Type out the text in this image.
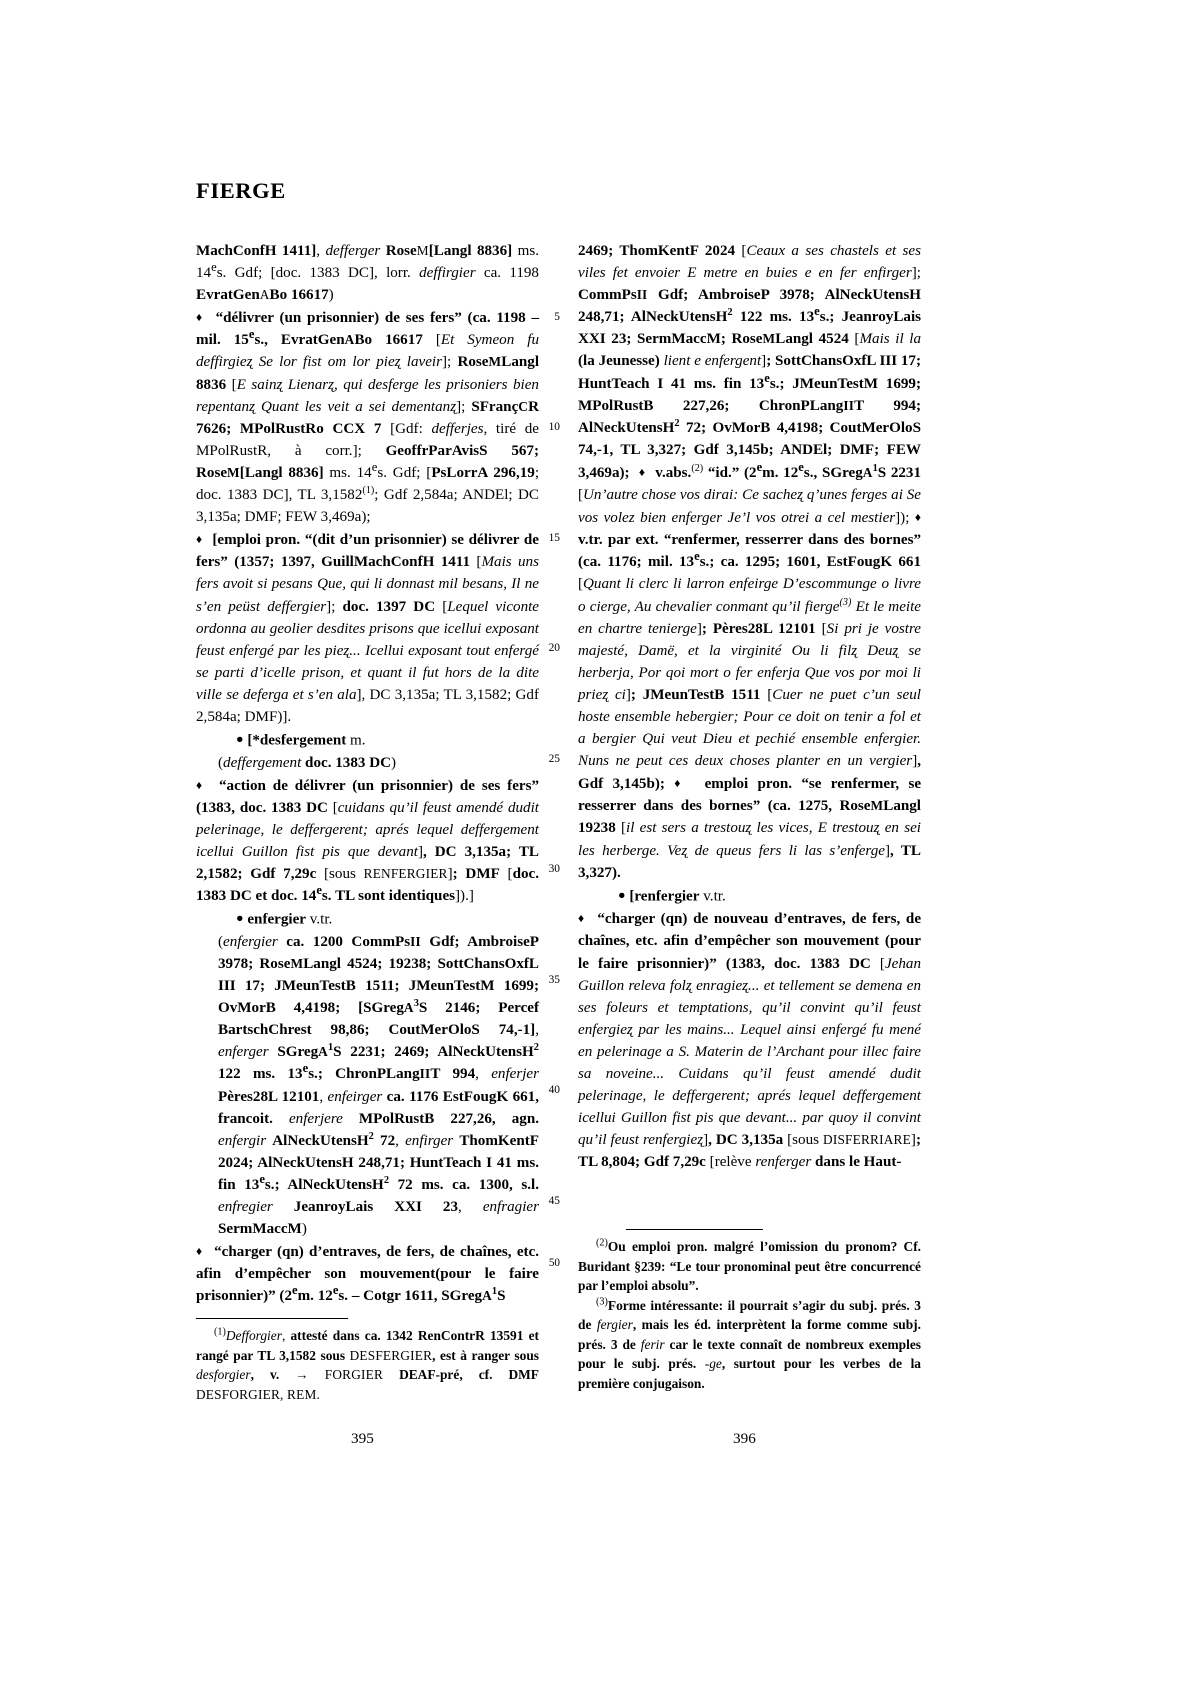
FIERGE
5
10
15
20
25
30
35
40
45
50

MachConfH 1411], defferger RoseM[Langl 8836] ms. 14es. Gdf; [doc. 1383 DC], lorr. deffirgier ca. 1198 EvratGenABo 16617)

♦ “délivrer (un prisonnier) de ses fers” (ca. 1198 – mil. 15es., EvratGenABo 16617 [Et Symeon fu deffirgieʐ Se lor fist om lor pieʐ laveir]; RoseMLangl 8836 [E sainʐ Lienarʐ, qui desferge les prisoniers bien repentanʐ Quant les veit a sei dementanʐ]; SFrançCR 7626; MPolRustRo CCX 7 [Gdf: defferjes, tiré de MPolRustR, à corr.]; GeoffrParAvisS 567; RoseM[Langl 8836] ms. 14es. Gdf; [PsLorrA 296,19; doc. 1383 DC], TL 3,1582$^{(1)}$; Gdf 2,584a; ANDEl; DC 3,135a; DMF; FEW 3,469a);

♦ [emploi pron. “(dit d’un prisonnier) se délivrer de fers” (1357; 1397, GuillMachConfH 1411 [Mais uns fers avoit si pesans Que, qui li donnast mil besans, Il ne s’en peüst deffergier]; doc. 1397 DC [Lequel viconte ordonna au geolier desdites prisons que icellui exposant feust enfergé par les pieʐ... Icellui exposant tout enfergé se parti d’icelle prison, et quant il fut hors de la dite ville se deferga et s’en ala], DC 3,135a; TL 3,1582; Gdf 2,584a; DMF)].

● [*desfergement m.

(deffergement doc. 1383 DC)

♦ “action de délivrer (un prisonnier) de ses fers” (1383, doc. 1383 DC [cuidans qu’il feust amendé dudit pelerinage, le deffergerent; aprés lequel deffergement icellui Guillon fist pis que devant], DC 3,135a; TL 2,1582; Gdf 7,29c [sous RENFERGIER]; DMF [doc. 1383 DC et doc. 14es. TL sont identiques]).]

● enfergier v.tr.

(enfergier ca. 1200 CommPsII Gdf; AmbroiseP 3978; RoseMLangl 4524; 19238; SottChansOxfL III 17; JMeunTestB 1511; JMeunTestM 1699; OvMorB 4,4198; [SGregA$^3$S 2146; Percef BartschChrest 98,86; CoutMerOloS 74,-1], enferger SGregA$^1$S 2231; 2469; AlNeckUtensH$^2$ 122 ms. 13es.; ChronPLangIIT 994, enferjer Pères28L 12101, enfeirger ca. 1176 EstFougK 661, francoit. enferjere MPolRustB 227,26, agn. enfergir AlNeckUtensH$^2$ 72, enfirger ThomKentF 2024; AlNeckUtensH 248,71; HuntTeach I 41 ms. fin 13es.; AlNeckUtensH$^2$ 72 ms. ca. 1300, s.l. enfregier JeanroyLais XXI 23, enfragier SermMaccM)

♦ “charger (qn) d’entraves, de fers, de chaînes, etc. afin d’empêcher son mouvement(pour le faire prisonnier)” (2em. 12es. – Cotgr 1611, SGregA$^1$S

2469; ThomKentF 2024 [Ceaux a ses chastels et ses viles fet envoier E metre en buies e en fer enfirger]; CommPsII Gdf; AmbroiseP 3978; AlNeckUtensH 248,71; AlNeckUtensH$^2$ 122 ms. 13es.; JeanroyLais XXI 23; SermMaccM; RoseMLangl 4524 [Mais il la (la Jeunesse) lient e enfergent]; SottChansOxfL III 17; HuntTeach I 41 ms. fin 13es.; JMeunTestM 1699; MPolRustB 227,26; ChronPLangIIT 994; AlNeckUtensH$^2$ 72; OvMorB 4,4198; CoutMerOloS 74,-1, TL 3,327; Gdf 3,145b; ANDEl; DMF; FEW 3,469a); ♦ v.abs.$^{(2)}$ “id.” (2em. 12es., SGregA$^1$S 2231 [Un’autre chose vos dirai: Ce sacheʐ q’unes ferges ai Se vos volez bien enferger Je’l vos otrei a cel mestier]); ♦ v.tr. par ext. “renfermer, resserrer dans des bornes” (ca. 1176; mil. 13es.; ca. 1295; 1601, EstFougK 661 [Quant li clerc li larron enfeirge D’escommunge o livre o cierge, Au chevalier conmant qu’il fierge$^{(3)}$ Et le meite en chartre tenierge]; Pères28L 12101 [Si pri je vostre majesté, Damë, et la virginité Ou li filʐ Deuʐ se herberja, Por qoi mort o fer enferja Que vos por moi li prieʐ ci]; JMeunTestB 1511 [Cuer ne puet c’un seul hoste ensemble hebergier; Pour ce doit on tenir a fol et a bergier Qui veut Dieu et pechié ensemble enfergier. Nuns ne peut ces deux choses planter en un vergier], Gdf 3,145b); ♦ emploi pron. “se renfermer, se resserrer dans des bornes” (ca. 1275, RoseMLangl 19238 [il est sers a trestouʐ les vices, E trestouʐ en sei les herberge. Veʐ de queus fers li las s’enferge], TL 3,327).

● [renfergier v.tr.

♦ “charger (qn) de nouveau d’entraves, de fers, de chaînes, etc. afin d’empêcher son mouvement (pour le faire prisonnier)” (1383, doc. 1383 DC [Jehan Guillon releva folʐ enragieʐ... et tellement se demena en ses foleurs et temptations, qu’il convint qu’il feust enfergieʐ par les mains... Lequel ainsi enfergé fu mené en pelerinage a S. Materin de l’Archant pour illec faire sa noveine... Cuidans qu’il feust amendé dudit pelerinage, le deffergerent; aprés lequel deffergement icellui Guillon fist pis que devant... par quoy il convint qu’il feust renfergieʐ], DC 3,135a [sous DISFERRIARE]; TL 8,804; Gdf 7,29c [relève renferger dans le Haut-

$^{(1)}$Defforgier, attesté dans ca. 1342 RenContrR 13591 et rangé par TL 3,1582 sous DESFERGIER, est à ranger sous desforgier, v. → FORGIER DEAF-pré, cf. DMF DESFORGIER, REM.

$^{(2)}$Ou emploi pron. malgré l’omission du pronom? Cf. Buridant §239: “Le tour pronominal peut être concurrencé par l’emploi absolu”.

$^{(3)}$Forme intéressante: il pourrait s’agir du subj. prés. 3 de fergier, mais les éd. interprètent la forme comme subj. prés. 3 de ferir car le texte connaît de nombreux exemples pour le subj. prés. -ge, surtout pour les verbes de la première conjugaison.

395	396
